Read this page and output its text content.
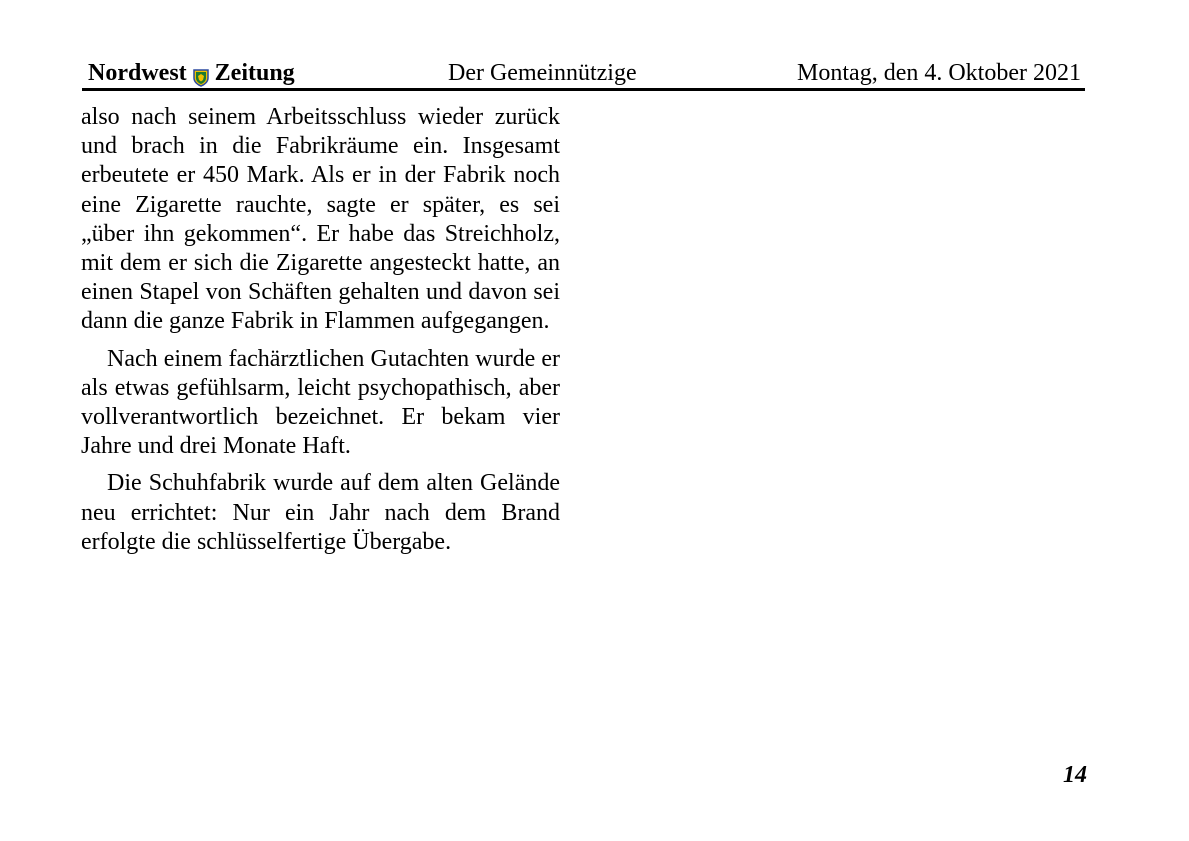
Nordwest Zeitung	Der Gemeinnützige	Montag, den 4. Oktober 2021

also nach seinem Arbeitsschluss wieder zurück und brach in die Fabrikräume ein. Insgesamt erbeutete er 450 Mark. Als er in der Fabrik noch eine Zigarette rauchte, sagte er später, es sei „über ihn gekommen“. Er habe das Streichholz, mit dem er sich die Zigarette angesteckt hatte, an einen Stapel von Schäften gehalten und davon sei dann die ganze Fabrik in Flammen aufgegangen.

Nach einem fachärztlichen Gutachten wurde er als etwas gefühlsarm, leicht psychopathisch, aber vollverantwortlich bezeichnet. Er bekam vier Jahre und drei Monate Haft.

Die Schuhfabrik wurde auf dem alten Gelände neu errichtet: Nur ein Jahr nach dem Brand erfolgte die schlüsselfertige Übergabe.

14
